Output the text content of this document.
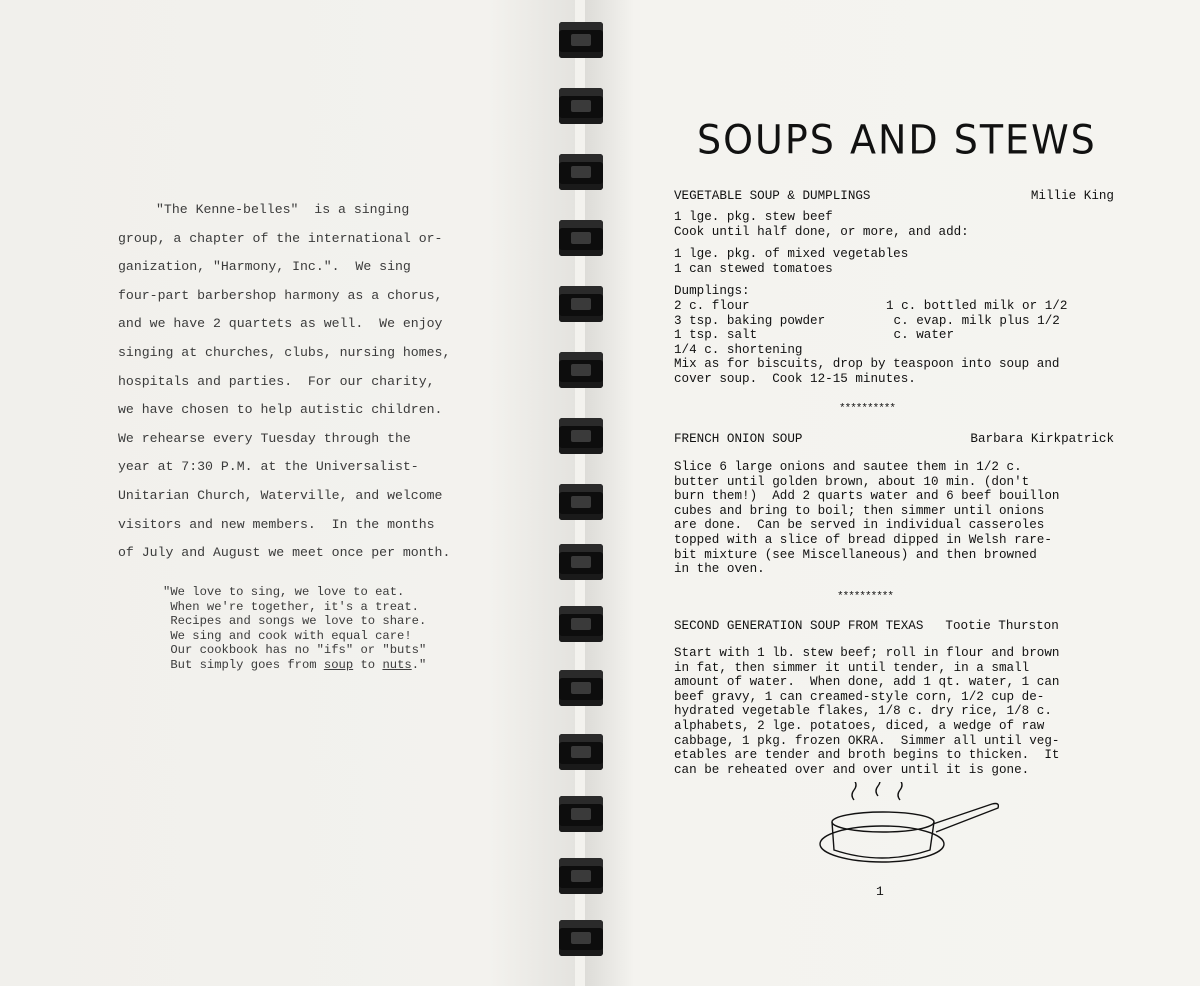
"The Kenne-belles"  is a singing
group, a chapter of the international or-
ganization, "Harmony, Inc.".  We sing
four-part barbershop harmony as a chorus,
and we have 2 quartets as well.  We enjoy
singing at churches, clubs, nursing homes,
hospitals and parties.  For our charity,
we have chosen to help autistic children.
We rehearse every Tuesday through the
year at 7:30 P.M. at the Universalist-
Unitarian Church, Waterville, and welcome
visitors and new members.  In the months
of July and August we meet once per month.

"We love to sing, we love to eat.
When we're together, it's a treat.
Recipes and songs we love to share.
We sing and cook with equal care!
Our cookbook has no "ifs" or "buts"
But simply goes from soup to nuts."
SOUPS AND STEWS
VEGETABLE SOUP & DUMPLINGS	Millie King
1 lge. pkg. stew beef
Cook until half done, or more, and add:
1 lge. pkg. of mixed vegetables
1 can stewed tomatoes
Dumplings:
2 c. flour
3 tsp. baking powder
1 tsp. salt
1/4 c. shortening
1 c. bottled milk or 1/2
c. evap. milk plus 1/2
c. water
Mix as for biscuits, drop by teaspoon into soup and
cover soup.  Cook 12-15 minutes.
**********
FRENCH ONION SOUP	Barbara Kirkpatrick
Slice 6 large onions and sautee them in 1/2 c.
butter until golden brown, about 10 min. (don't
burn them!)  Add 2 quarts water and 6 beef bouillon
cubes and bring to boil; then simmer until onions
are done.  Can be served in individual casseroles
topped with a slice of bread dipped in Welsh rare-
bit mixture (see Miscellaneous) and then browned
in the oven.
**********
SECOND GENERATION SOUP FROM TEXAS Tootie Thurston
Start with 1 lb. stew beef; roll in flour and brown
in fat, then simmer it until tender, in a small
amount of water.  When done, add 1 qt. water, 1 can
beef gravy, 1 can creamed-style corn, 1/2 cup de-
hydrated vegetable flakes, 1/8 c. dry rice, 1/8 c.
alphabets, 2 lge. potatoes, diced, a wedge of raw
cabbage, 1 pkg. frozen OKRA.  Simmer all until veg-
etables are tender and broth begins to thicken.  It
can be reheated over and over until it is gone.
1
